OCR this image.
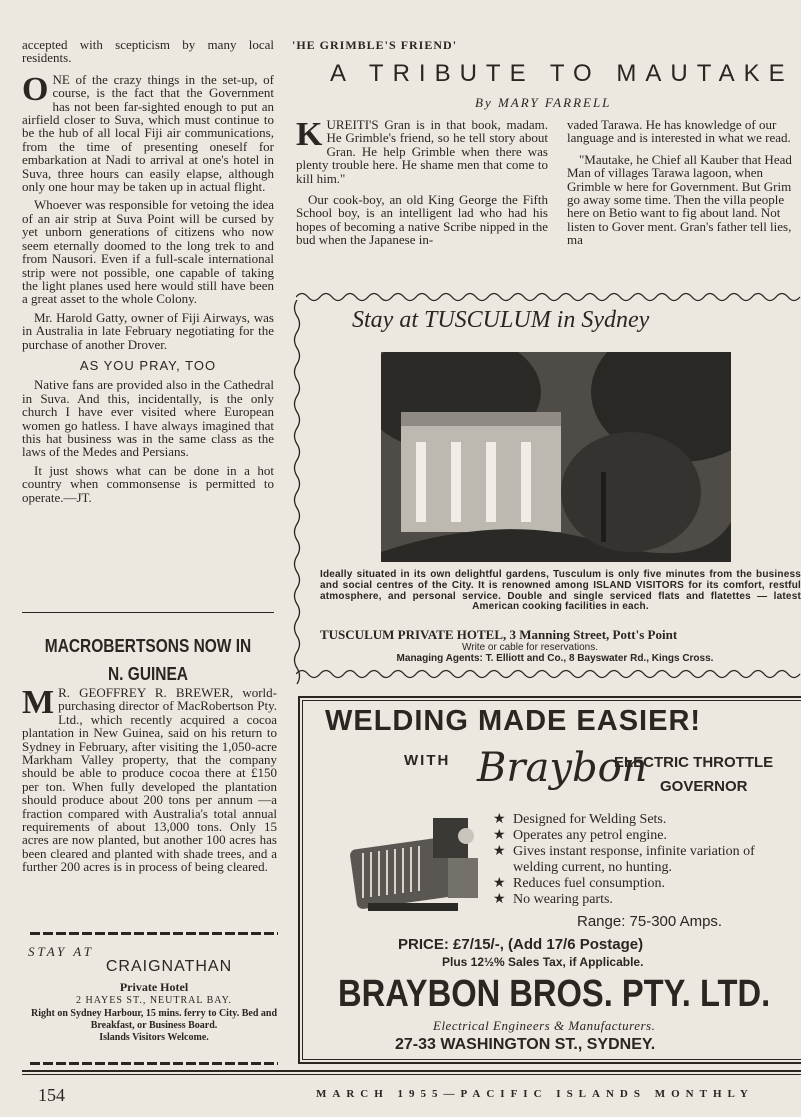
accepted with scepticism by many local residents.

ONE of the crazy things in the set-up, of course, is the fact that the Government has not been far-sighted enough to put an airfield closer to Suva, which must continue to be the hub of all local Fiji air communications, from the time of presenting oneself for embarkation at Nadi to arrival at one's hotel in Suva, three hours can easily elapse, although only one hour may be taken up in actual flight.

Whoever was responsible for vetoing the idea of an air strip at Suva Point will be cursed by yet unborn generations of citizens who now seem eternally doomed to the long trek to and from Nausori. Even if a full-scale international strip were not possible, one capable of taking the light planes used here would still have been a great asset to the whole Colony.

Mr. Harold Gatty, owner of Fiji Airways, was in Australia in late February negotiating for the purchase of another Drover.

AS YOU PRAY, TOO

Native fans are provided also in the Cathedral in Suva. And this, incidentally, is the only church I have ever visited where European women go hatless. I have always imagined that this hat business was in the same class as the laws of the Medes and Persians.

It just shows what can be done in a hot country when commonsense is permitted to operate.—JT.

MACROBERTSONS NOW IN N. GUINEA

M R. GEOFFREY R. BREWER, world-purchasing director of MacRobertson Pty. Ltd., which recently acquired a cocoa plantation in New Guinea, said on his return to Sydney in February, after visiting the 1,050-acre Markham Valley property, that the company should be able to produce cocoa there at £150 per ton. When fully developed the plantation should produce about 200 tons per annum —a fraction compared with Australia's total annual requirements of about 13,000 tons. Only 15 acres are now planted, but another 100 acres has been cleared and planted with shade trees, and a further 200 acres is in process of being cleared.

STAY AT
CRAIGNATHAN
Private Hotel
2 HAYES ST., NEUTRAL BAY.
Right on Sydney Harbour, 15 mins. ferry to City. Bed and Breakfast, or Business Board.
Islands Visitors Welcome.
'HE GRIMBLE'S FRIEND'
A TRIBUTE TO MAUTAKE
By MARY FARRELL

KUREITI'S Gran is in that book, madam. He Grimble's friend, so he tell story about Gran. He help Grimble when there was plenty trouble here. He shame men that come to kill him."

Our cook-boy, an old King George the Fifth School boy, is an intelligent lad who had his hopes of becoming a native Scribe nipped in the bud when the Japanese in-

vaded Tarawa. He has knowledge of our language and is interested in what we read.

"Mautake, he Chief all Kauber that Head Man of villages Tarawa lagoon, when Grimble w here for Government. But Grim go away some time. Then the villa people here on Betio want to fig about land. Not listen to Gover ment. Gran's father tell lies, ma

Stay at TUSCULUM in Sydney
Ideally situated in its own delightful gardens, Tusculum is only five minutes from the business and social centres of the City. It is renowned among ISLAND VISITORS for its comfort, restful atmosphere, and personal service. Double and single serviced flats and flatettes — latest American cooking facilities in each.
TUSCULUM PRIVATE HOTEL, 3 Manning Street, Pott's Point
Write or cable for reservations.
Managing Agents: T. Elliott and Co., 8 Bayswater Rd., Kings Cross.
WELDING MADE EASIER!
WITH Braybon
ELECTRIC THROTTLE
GOVERNOR
★ Designed for Welding Sets.
★ Operates any petrol engine.
★ Gives instant response, infinite variation of welding current, no hunting.
★ Reduces fuel consumption.
★ No wearing parts.
Range: 75-300 Amps.
PRICE: £7/15/-, (Add 17/6 Postage)
Plus 12½% Sales Tax, if Applicable.
BRAYBON BROS. PTY. LTD.
Electrical Engineers & Manufacturers.
27-33 WASHINGTON ST., SYDNEY.
154	MARCH 1955—PACIFIC ISLANDS MONTHLY
